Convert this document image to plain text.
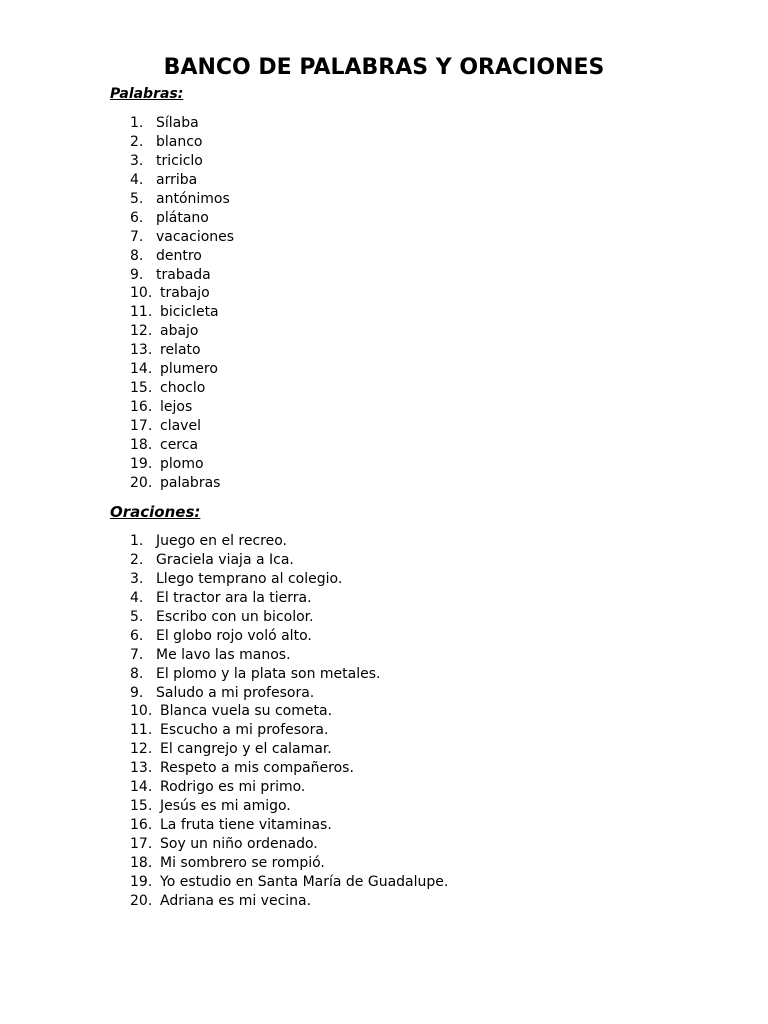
BANCO DE PALABRAS Y ORACIONES
Palabras:
1. Sílaba
2. blanco
3. triciclo
4. arriba
5. antónimos
6. plátano
7. vacaciones
8. dentro
9. trabada
10. trabajo
11. bicicleta
12. abajo
13. relato
14. plumero
15. choclo
16. lejos
17. clavel
18. cerca
19. plomo
20. palabras
Oraciones:
1. Juego en el recreo.
2. Graciela viaja a Ica.
3. Llego temprano al colegio.
4. El tractor ara la tierra.
5. Escribo con un bicolor.
6. El globo rojo voló alto.
7. Me lavo las manos.
8. El plomo y la plata son metales.
9. Saludo a mi profesora.
10. Blanca vuela su cometa.
11. Escucho a mi profesora.
12. El cangrejo y el calamar.
13. Respeto a mis compañeros.
14. Rodrigo es mi primo.
15. Jesús es mi amigo.
16. La fruta tiene vitaminas.
17. Soy un niño ordenado.
18. Mi sombrero se rompió.
19. Yo estudio en Santa María de Guadalupe.
20. Adriana es mi vecina.
